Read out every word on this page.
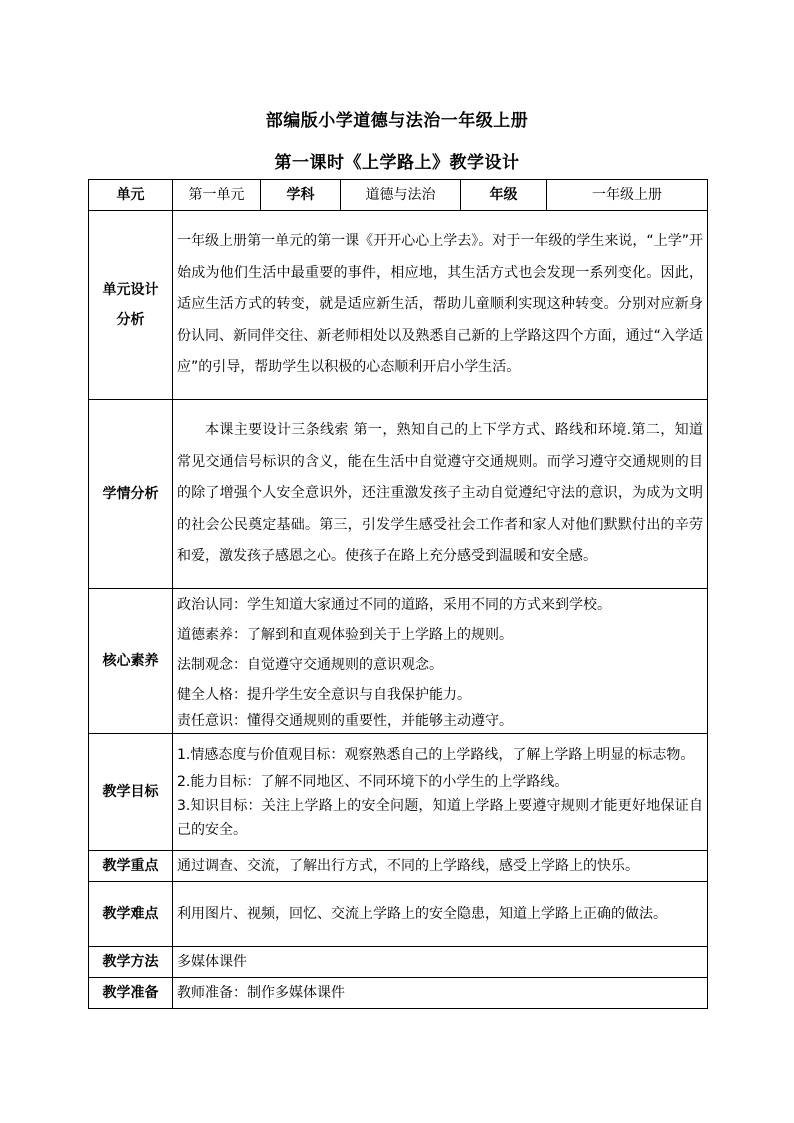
部编版小学道德与法治一年级上册
第一课时《上学路上》教学设计
单元	第一单元	学科	道德与法治	年级	一年级上册

单元设计
分析	一年级上册第一单元的第一课《开开心心上学去》。对于一年级的学生来说，“上学”开始成为他们生活中最重要的事件，相应地，其生活方式也会发现一系列变化。因此，适应生活方式的转变，就是适应新生活，帮助儿童顺利实现这种转变。分别对应新身份认同、新同伴交往、新老师相处以及熟悉自己新的上学路这四个方面，通过“入学适应”的引导，帮助学生以积极的心态顺利开启小学生活。				
学情分析	本课主要设计三条线索 第一，熟知自己的上下学方式、路线和环境.第二，知道常见交通信号标识的含义，能在生活中自觉遵守交通规则。而学习遵守交通规则的目的除了增强个人安全意识外，还注重激发孩子主动自觉遵纪守法的意识，为成为文明的社会公民奠定基础。第三，引发学生感受社会工作者和家人对他们默默付出的辛劳和爱，激发孩子感恩之心。使孩子在路上充分感受到温暖和安全感。				
核心素养	政治认同：学生知道大家通过不同的道路，采用不同的方式来到学校。

道德素养：了解到和直观体验到关于上学路上的规则。

法制观念：自觉遵守交通规则的意识观念。

健全人格：提升学生安全意识与自我保护能力。

责任意识：懂得交通规则的重要性，并能够主动遵守。				

教学目标	1.情感态度与价值观目标：观察熟悉自己的上学路线，了解上学路上明显的标志物。

2.能力目标：了解不同地区、不同环境下的小学生的上学路线。

3.知识目标：关注上学路上的安全问题，知道上学路上要遵守规则才能更好地保证自己的安全。				

教学重点	通过调查、交流，了解出行方式，不同的上学路线，感受上学路上的快乐。				
教学难点	利用图片、视频，回忆、交流上学路上的安全隐患，知道上学路上正确的做法。				
教学方法	多媒体课件				
教学准备	教师准备：制作多媒体课件				
